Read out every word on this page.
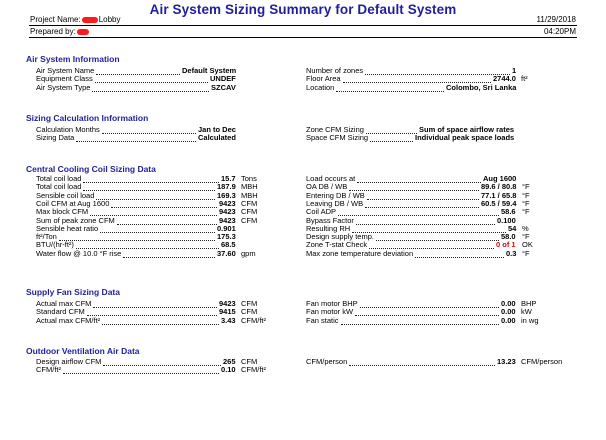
Air System Sizing Summary for Default System
Project Name: Lobby
Prepared by:
11/29/2018
04:20PM
Air System Information
Sizing Calculation Information
Central Cooling Coil Sizing Data
Supply Fan Sizing Data
Outdoor Ventilation Air Data
Air System Name	Default System
Equipment Class	UNDEF
Air System Type	SZCAV
Number of zones	1
Floor Area	2744.0 ft²
Location	Colombo, Sri Lanka
Calculation Months	Jan to Dec
Sizing Data	Calculated
Zone CFM Sizing	Sum of space airflow rates
Space CFM Sizing	Individual peak space loads
Total coil load	15.7 Tons
Total coil load	187.9 MBH
Sensible coil load	169.3 MBH
Coil CFM at Aug 1600	9423 CFM
Max block CFM	9423 CFM
Sum of peak zone CFM	9423 CFM
Sensible heat ratio	0.901
ft²/Ton	175.3
BTU/(hr-ft²)	68.5
Water flow @ 10.0 °F rise	37.60 gpm
Load occurs at	Aug 1600
OA DB / WB	89.6 / 80.8 °F
Entering DB / WB	77.1 / 65.8 °F
Leaving DB / WB	60.5 / 59.4 °F
Coil ADP	58.6 °F
Bypass Factor	0.100
Resulting RH	54 %
Design supply temp.	58.0 °F
Zone T-stat Check	0 of 1 OK
Max zone temperature deviation	0.3 °F
Actual max CFM	9423 CFM
Standard CFM	9415 CFM
Actual max CFM/ft²	3.43 CFM/ft²
Fan motor BHP	0.00 BHP
Fan motor kW	0.00 kW
Fan static	0.00 in wg
Design airflow CFM	265 CFM
CFM/ft²	0.10 CFM/ft²
CFM/person	13.23 CFM/person
